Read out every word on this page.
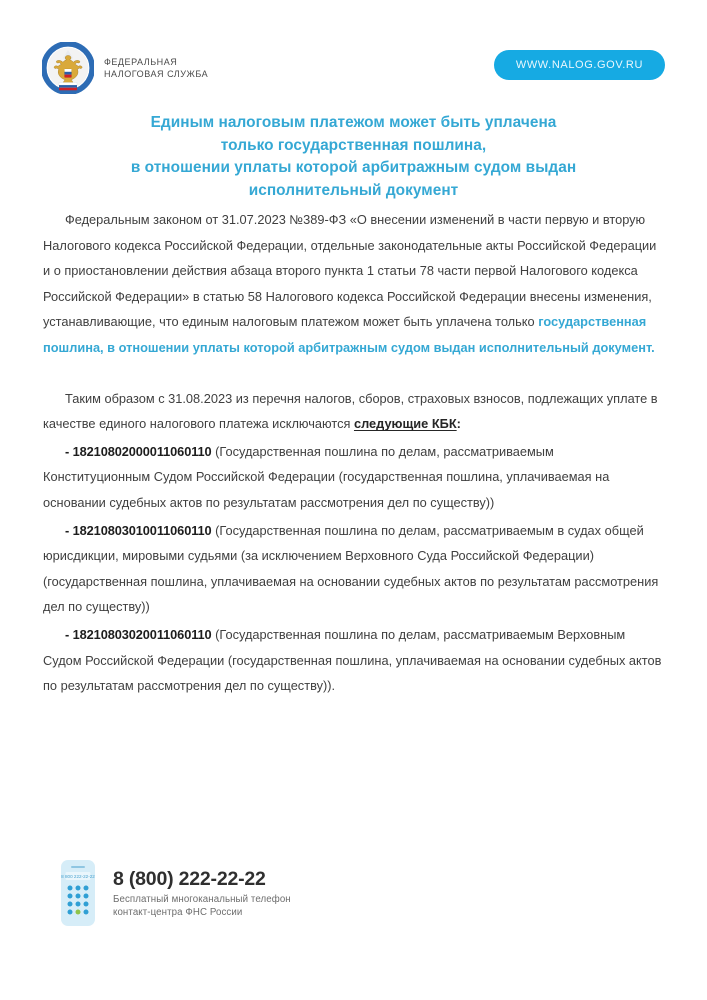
ФЕДЕРАЛЬНАЯ
НАЛОГОВАЯ СЛУЖБА
WWW.NALOG.GOV.RU
Единым налоговым платежом может быть уплачена
только государственная пошлина,
в отношении уплаты которой арбитражным судом выдан
исполнительный документ

Федеральным законом от 31.07.2023 №389-ФЗ «О внесении изменений в части первую и вторую Налогового кодекса Российской Федерации, отдельные законодательные акты Российской Федерации и о приостановлении действия абзаца второго пункта 1 статьи 78 части первой Налогового кодекса Российской Федерации» в статью 58 Налогового кодекса Российской Федерации внесены изменения, устанавливающие, что единым налоговым платежом может быть уплачена только государственная пошлина, в отношении уплаты которой арбитражным судом выдан исполнительный документ.

Таким образом с 31.08.2023 из перечня налогов, сборов, страховых взносов, подлежащих уплате в качестве единого налогового платежа исключаются следующие КБК:

- 18210802000011060110 (Государственная пошлина по делам, рассматриваемым Конституционным Судом Российской Федерации (государственная пошлина, уплачиваемая на основании судебных актов по результатам рассмотрения дел по существу))

- 18210803010011060110 (Государственная пошлина по делам, рассматриваемым в судах общей юрисдикции, мировыми судьями (за исключением Верховного Суда Российской Федерации) (государственная пошлина, уплачиваемая на основании судебных актов по результатам рассмотрения дел по существу))

- 18210803020011060110 (Государственная пошлина по делам, рассматриваемым Верховным Судом Российской Федерации (государственная пошлина, уплачиваемая на основании судебных актов по результатам рассмотрения дел по существу)).

8 800 222-22-22 8 (800) 222-22-22
Бесплатный многоканальный телефон
контакт-центра ФНС России
